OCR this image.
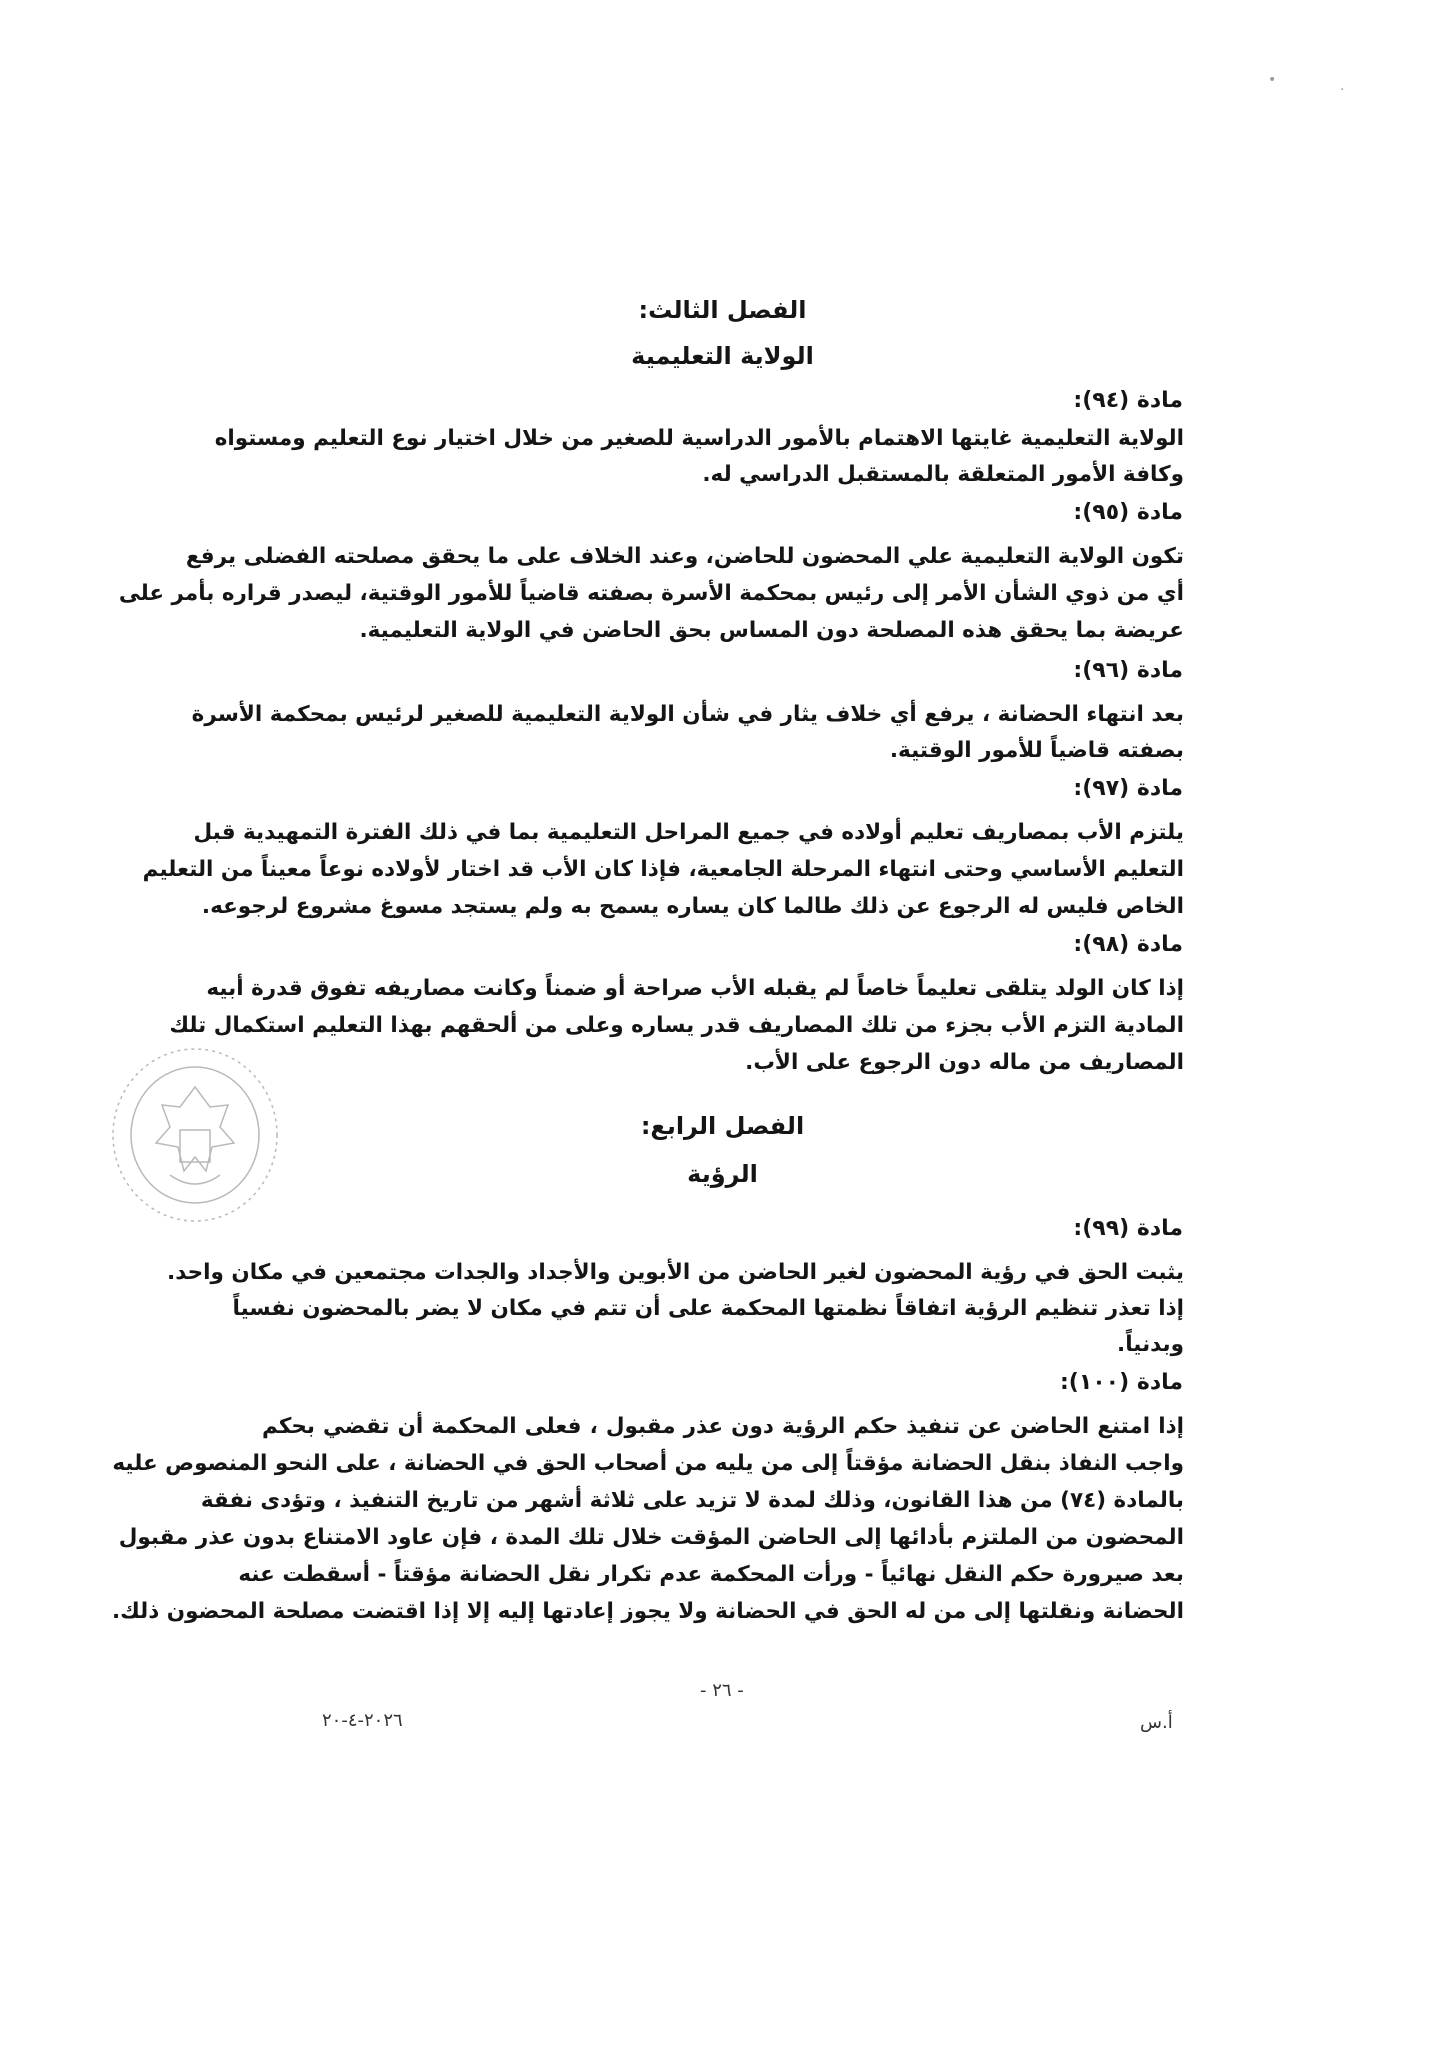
•
·
الفصل الثالث:
الولاية التعليمية
مادة (٩٤):
الولاية التعليمية غايتها الاهتمام بالأمور الدراسية للصغير من خلال اختيار نوع التعليم ومستواه
وكافة الأمور المتعلقة بالمستقبل الدراسي له.
مادة (٩٥):
تكون الولاية التعليمية علي المحضون للحاضن، وعند الخلاف على ما يحقق مصلحته الفضلى يرفع
أي من ذوي الشأن الأمر إلى رئيس بمحكمة الأسرة بصفته قاضياً للأمور الوقتية، ليصدر قراره بأمر على
عريضة بما يحقق هذه المصلحة دون المساس بحق الحاضن في الولاية التعليمية.
مادة (٩٦):
بعد انتهاء الحضانة ، يرفع أي خلاف يثار في شأن الولاية التعليمية للصغير لرئيس بمحكمة الأسرة
بصفته قاضياً للأمور الوقتية.
مادة (٩٧):
يلتزم الأب بمصاريف تعليم أولاده في جميع المراحل التعليمية بما في ذلك الفترة التمهيدية قبل
التعليم الأساسي وحتى انتهاء المرحلة الجامعية، فإذا كان الأب قد اختار لأولاده نوعاً معيناً من التعليم
الخاص فليس له الرجوع عن ذلك طالما كان يساره يسمح به ولم يستجد مسوغ مشروع لرجوعه.
مادة (٩٨):
إذا كان الولد يتلقى تعليماً خاصاً لم يقبله الأب صراحة أو ضمناً وكانت مصاريفه تفوق قدرة أبيه
المادية التزم الأب بجزء من تلك المصاريف قدر يساره وعلى من ألحقهم بهذا التعليم استكمال تلك
المصاريف من ماله دون الرجوع على الأب.
الفصل الرابع:
الرؤية
مادة (٩٩):
يثبت الحق في رؤية المحضون لغير الحاضن من الأبوين والأجداد والجدات مجتمعين في مكان واحد.
إذا تعذر تنظيم الرؤية اتفاقاً نظمتها المحكمة على أن تتم في مكان لا يضر بالمحضون نفسياً
وبدنياً.
مادة (١٠٠):
إذا امتنع الحاضن عن تنفيذ حكم الرؤية دون عذر مقبول ، فعلى المحكمة أن تقضي بحكم
واجب النفاذ بنقل الحضانة مؤقتاً إلى من يليه من أصحاب الحق في الحضانة ، على النحو المنصوص عليه
بالمادة (٧٤) من هذا القانون، وذلك لمدة لا تزيد على ثلاثة أشهر من تاريخ التنفيذ ، وتؤدى نفقة
المحضون من الملتزم بأدائها إلى الحاضن المؤقت خلال تلك المدة ، فإن عاود الامتناع بدون عذر مقبول
بعد صيرورة حكم النقل نهائياً - ورأت المحكمة عدم تكرار نقل الحضانة مؤقتاً - أسقطت عنه
الحضانة ونقلتها إلى من له الحق في الحضانة ولا يجوز إعادتها إليه إلا إذا اقتضت مصلحة المحضون ذلك.
- ٢٦ -
٢٠٢٦-٤-٢٠	أ.س
